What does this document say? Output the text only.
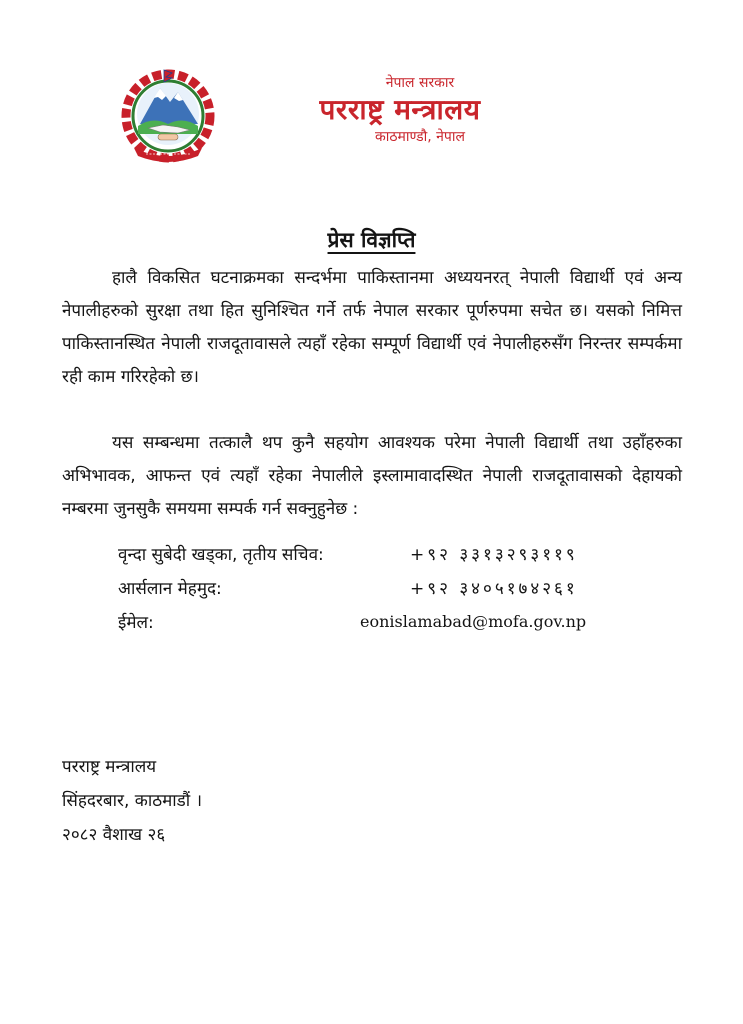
नेपाल सरकार
परराष्ट्र मन्त्रालय
काठमाण्डौ, नेपाल
प्रेस विज्ञप्ति
हालै विकसित घटनाक्रमका सन्दर्भमा पाकिस्तानमा अध्ययनरत् नेपाली विद्यार्थी एवं अन्य नेपालीहरुको सुरक्षा तथा हित सुनिश्चित गर्ने तर्फ नेपाल सरकार पूर्णरुपमा सचेत छ। यसको निमित्त पाकिस्तानस्थित नेपाली राजदूतावासले त्यहाँ रहेका सम्पूर्ण विद्यार्थी एवं नेपालीहरुसँग निरन्तर सम्पर्कमा रही काम गरिरहेको छ।
यस सम्बन्धमा तत्कालै थप कुनै सहयोग आवश्यक परेमा नेपाली विद्यार्थी तथा उहाँहरुका अभिभावक, आफन्त एवं त्यहाँ रहेका नेपालीले इस्लामावादस्थित नेपाली राजदूतावासको देहायको नम्बरमा जुनसुकै समयमा सम्पर्क गर्न सक्नुहुनेछ :
वृन्दा सुबेदी खड्का, तृतीय सचिव:	+९२ ३३१३२९३११९
आर्सलान मेहमुद:	+९२ ३४०५१७४२६१
ईमेल:	eonislamabad@mofa.gov.np
परराष्ट्र मन्त्रालय
सिंहदरबार, काठमाडौं ।
२०८२ वैशाख २६
